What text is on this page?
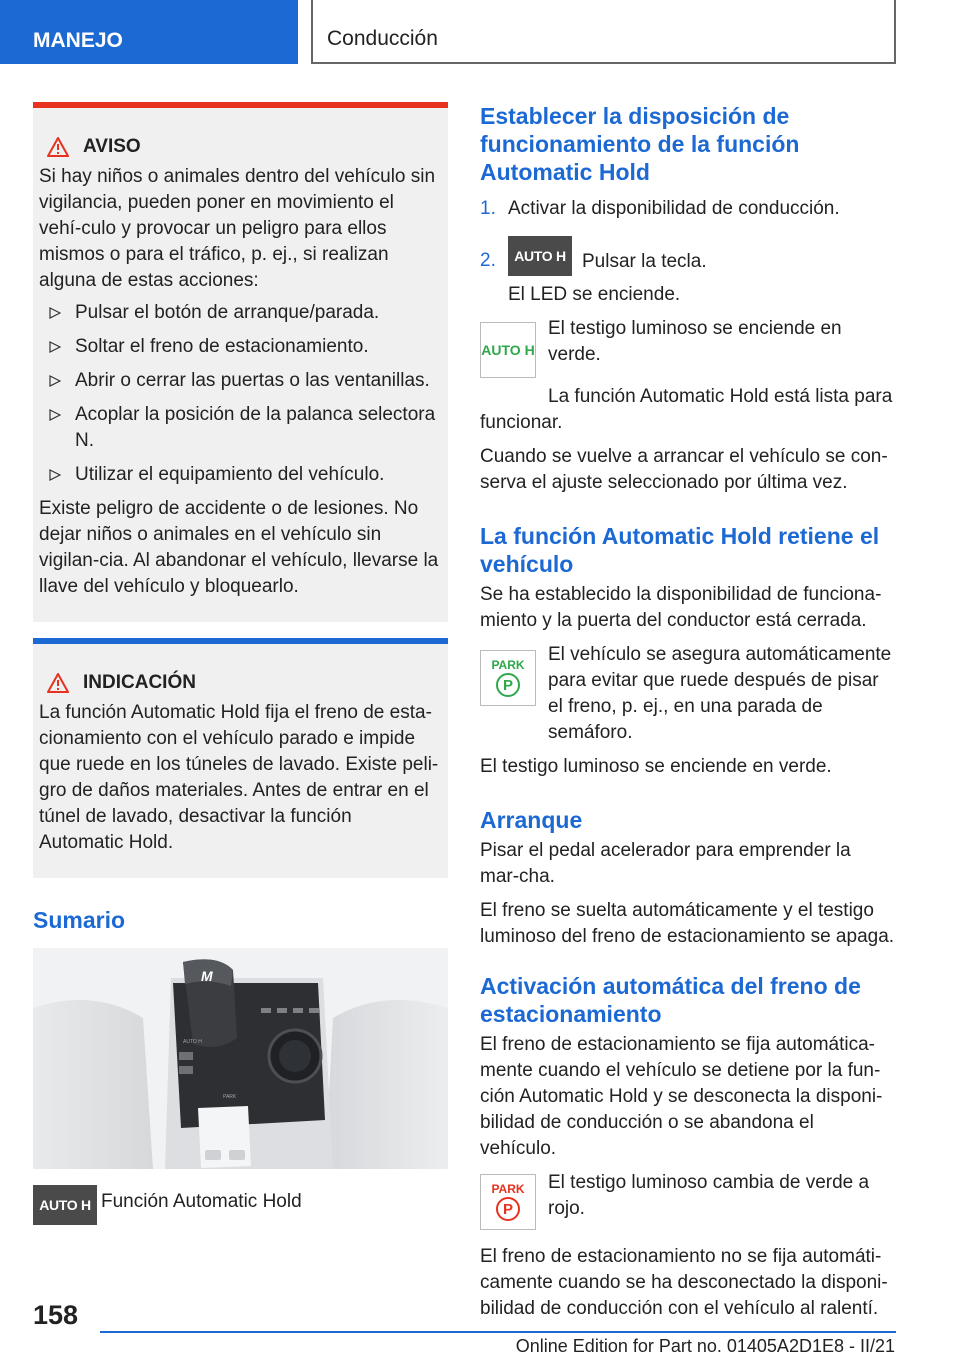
MANEJO	Conducción
AVISO

Si hay niños o animales dentro del vehículo sin vigilancia, pueden poner en movimiento el vehí-culo y provocar un peligro para ellos mismos o para el tráfico, p. ej., si realizan alguna de estas acciones:

Pulsar el botón de arranque/parada.
Soltar el freno de estacionamiento.
Abrir o cerrar las puertas o las ventanillas.
Acoplar la posición de la palanca selectora N.
Utilizar el equipamiento del vehículo.

Existe peligro de accidente o de lesiones. No dejar niños o animales en el vehículo sin vigilan-cia. Al abandonar el vehículo, llevarse la llave del vehículo y bloquearlo.

INDICACIÓN

La función Automatic Hold fija el freno de esta-cionamiento con el vehículo parado e impide que ruede en los túneles de lavado. Existe peli-gro de daños materiales. Antes de entrar en el túnel de lavado, desactivar la función Automatic Hold.

Sumario
M
AUTO H
PARK
AUTO H Función Automatic Hold

Establecer la disposición de funcionamiento de la función Automatic Hold
1. Activar la disponibilidad de conducción.
2.	AUTO H Pulsar la tecla.

El LED se enciende.

AUTO H

El testigo luminoso se enciende en verde.

La función Automatic Hold está lista para funcionar.

Cuando se vuelve a arrancar el vehículo se con-serva el ajuste seleccionado por última vez.

La función Automatic Hold retiene el vehículo

Se ha establecido la disponibilidad de funciona-miento y la puerta del conductor está cerrada.

PARK
P

El vehículo se asegura automáticamente para evitar que ruede después de pisar el freno, p. ej., en una parada de semáforo.

El testigo luminoso se enciende en verde.

Arranque

Pisar el pedal acelerador para emprender la mar-cha.

El freno se suelta automáticamente y el testigo luminoso del freno de estacionamiento se apaga.

Activación automática del freno de estacionamiento

El freno de estacionamiento se fija automática-mente cuando el vehículo se detiene por la fun-ción Automatic Hold y se desconecta la disponi-bilidad de conducción o se abandona el vehículo.

PARK
P

El testigo luminoso cambia de verde a rojo.

El freno de estacionamiento no se fija automáti-camente cuando se ha desconectado la disponi-bilidad de conducción con el vehículo al ralentí.

158
Online Edition for Part no. 01405A2D1E8 - II/21
